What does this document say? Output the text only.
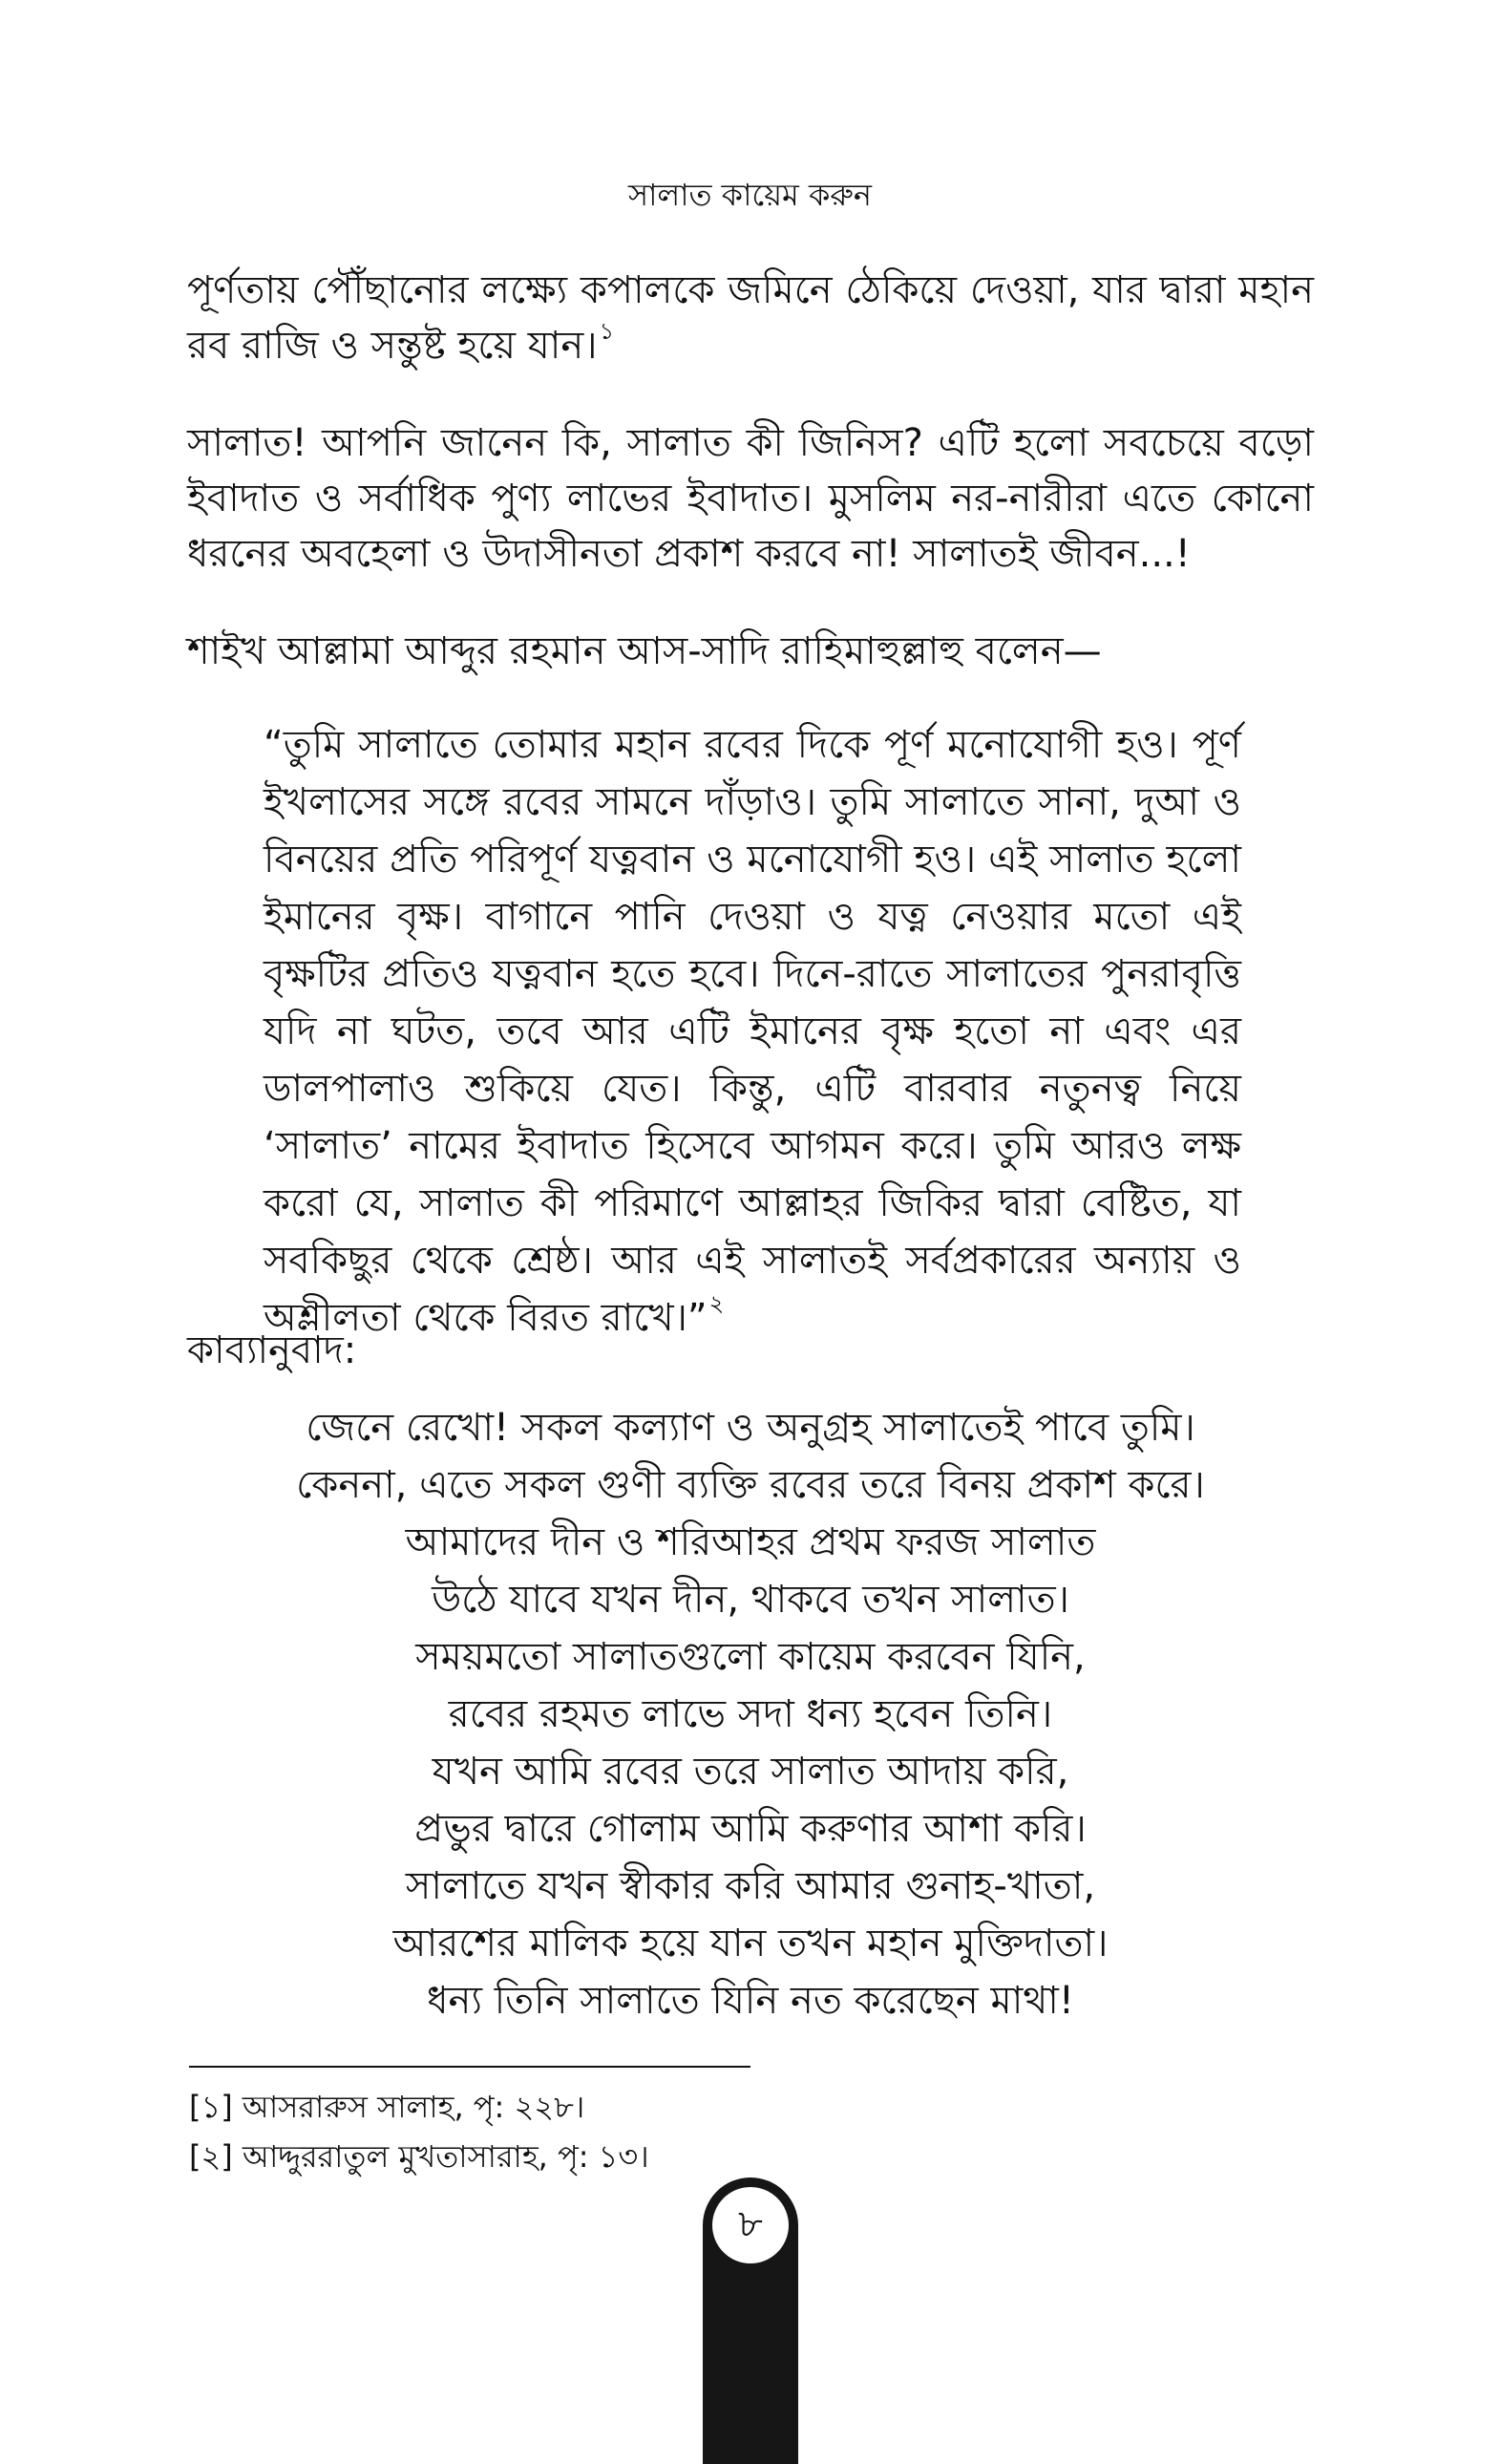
সালাত কায়েম করুন

পূর্ণতায় পৌঁছানোর লক্ষ্যে কপালকে জমিনে ঠেকিয়ে দেওয়া, যার দ্বারা মহান রব রাজি ও সন্তুষ্ট হয়ে যান।$^১$

সালাত! আপনি জানেন কি, সালাত কী জিনিস? এটি হলো সবচেয়ে বড়ো ইবাদাত ও সর্বাধিক পুণ্য লাভের ইবাদাত। মুসলিম নর-নারীরা এতে কোনো ধরনের অবহেলা ও উদাসীনতা প্রকাশ করবে না! সালাতই জীবন...!

শাইখ আল্লামা আব্দুর রহমান আস-সাদি রাহিমাহুল্লাহু বলেন—

“তুমি সালাতে তোমার মহান রবের দিকে পূর্ণ মনোযোগী হও। পূর্ণ ইখলাসের সঙ্গে রবের সামনে দাঁড়াও। তুমি সালাতে সানা, দুআ ও বিনয়ের প্রতি পরিপূর্ণ যত্নবান ও মনোযোগী হও। এই সালাত হলো ইমানের বৃক্ষ। বাগানে পানি দেওয়া ও যত্ন নেওয়ার মতো এই বৃক্ষটির প্রতিও যত্নবান হতে হবে। দিনে-রাতে সালাতের পুনরাবৃত্তি যদি না ঘটত, তবে আর এটি ইমানের বৃক্ষ হতো না এবং এর ডালপালাও শুকিয়ে যেত। কিন্তু, এটি বারবার নতুনত্ব নিয়ে ‘সালাত’ নামের ইবাদাত হিসেবে আগমন করে। তুমি আরও লক্ষ করো যে, সালাত কী পরিমাণে আল্লাহর জিকির দ্বারা বেষ্টিত, যা সবকিছুর থেকে শ্রেষ্ঠ। আর এই সালাতই সর্বপ্রকারের অন্যায় ও অশ্লীলতা থেকে বিরত রাখে।”$^২$

কাব্যানুবাদ:

জেনে রেখো! সকল কল্যাণ ও অনুগ্রহ সালাতেই পাবে তুমি।
কেননা, এতে সকল গুণী ব্যক্তি রবের তরে বিনয় প্রকাশ করে।
আমাদের দীন ও শরিআহর প্রথম ফরজ সালাত
উঠে যাবে যখন দীন, থাকবে তখন সালাত।
সময়মতো সালাতগুলো কায়েম করবেন যিনি,
রবের রহমত লাভে সদা ধন্য হবেন তিনি।
যখন আমি রবের তরে সালাত আদায় করি,
প্রভুর দ্বারে গোলাম আমি করুণার আশা করি।
সালাতে যখন স্বীকার করি আমার গুনাহ-খাতা,
আরশের মালিক হয়ে যান তখন মহান মুক্তিদাতা।
ধন্য তিনি সালাতে যিনি নত করেছেন মাথা!
[১] আসরারুস সালাহ, পৃ: ২২৮।
[২] আদ্দুররাতুল মুখতাসারাহ, পৃ: ১৩।
৮
